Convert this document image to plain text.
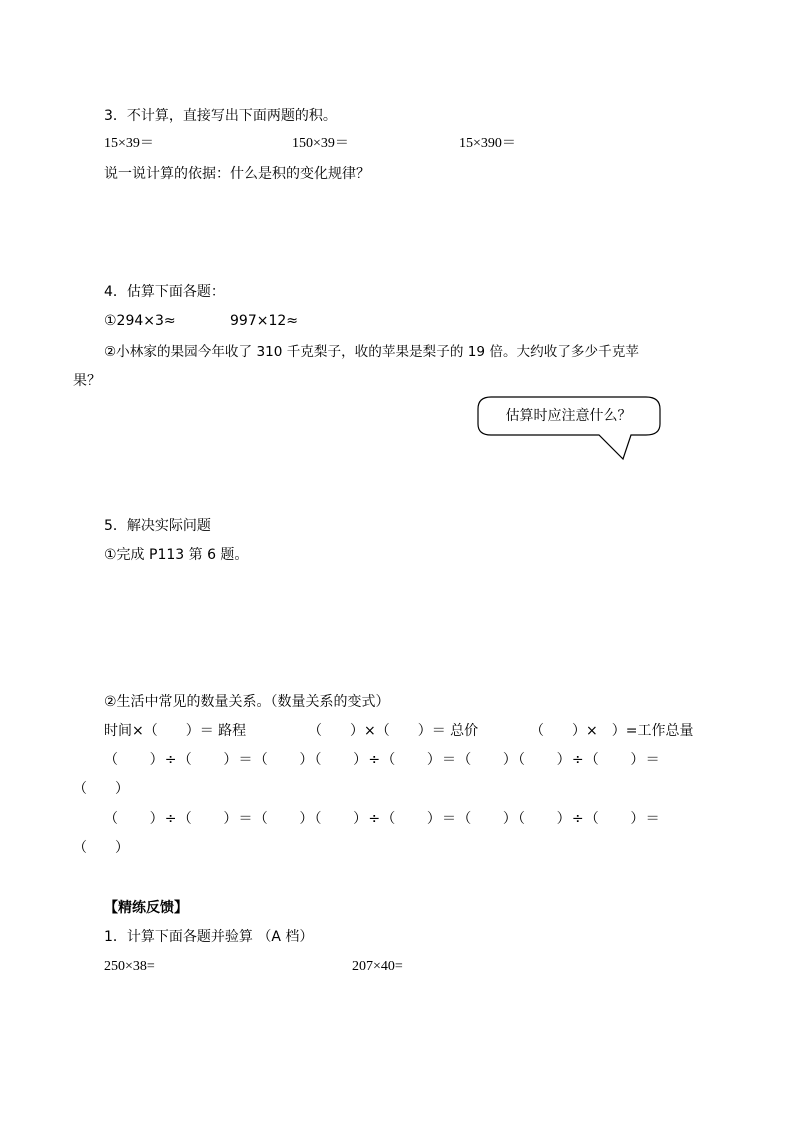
3．不计算，直接写出下面两题的积。
15×39＝	150×39＝	15×390＝
说一说计算的依据：什么是积的变化规律？
4．估算下面各题：
①294×3≈	997×12≈
②小林家的果园今年收了 310 千克梨子，收的苹果是梨子的 19 倍。大约收了多少千克苹
果？
估算时应注意什么？
5．解决实际问题
①完成 P113 第 6 题。
②生活中常见的数量关系。（数量关系的变式）
时间×（　　）＝ 路程	（　　）×（　　）＝ 总价	（　　）×　）=工作总量
（　　）÷（　　）＝（　　）（　　）÷（　　）＝（　　）（　　）÷（　　）＝
（　　）
（　　）÷（　　）＝（　　）（　　）÷（　　）＝（　　）（　　）÷（　　）＝
（　　）
【精练反馈】
1．计算下面各题并验算 （A 档）
250×38=	207×40=
